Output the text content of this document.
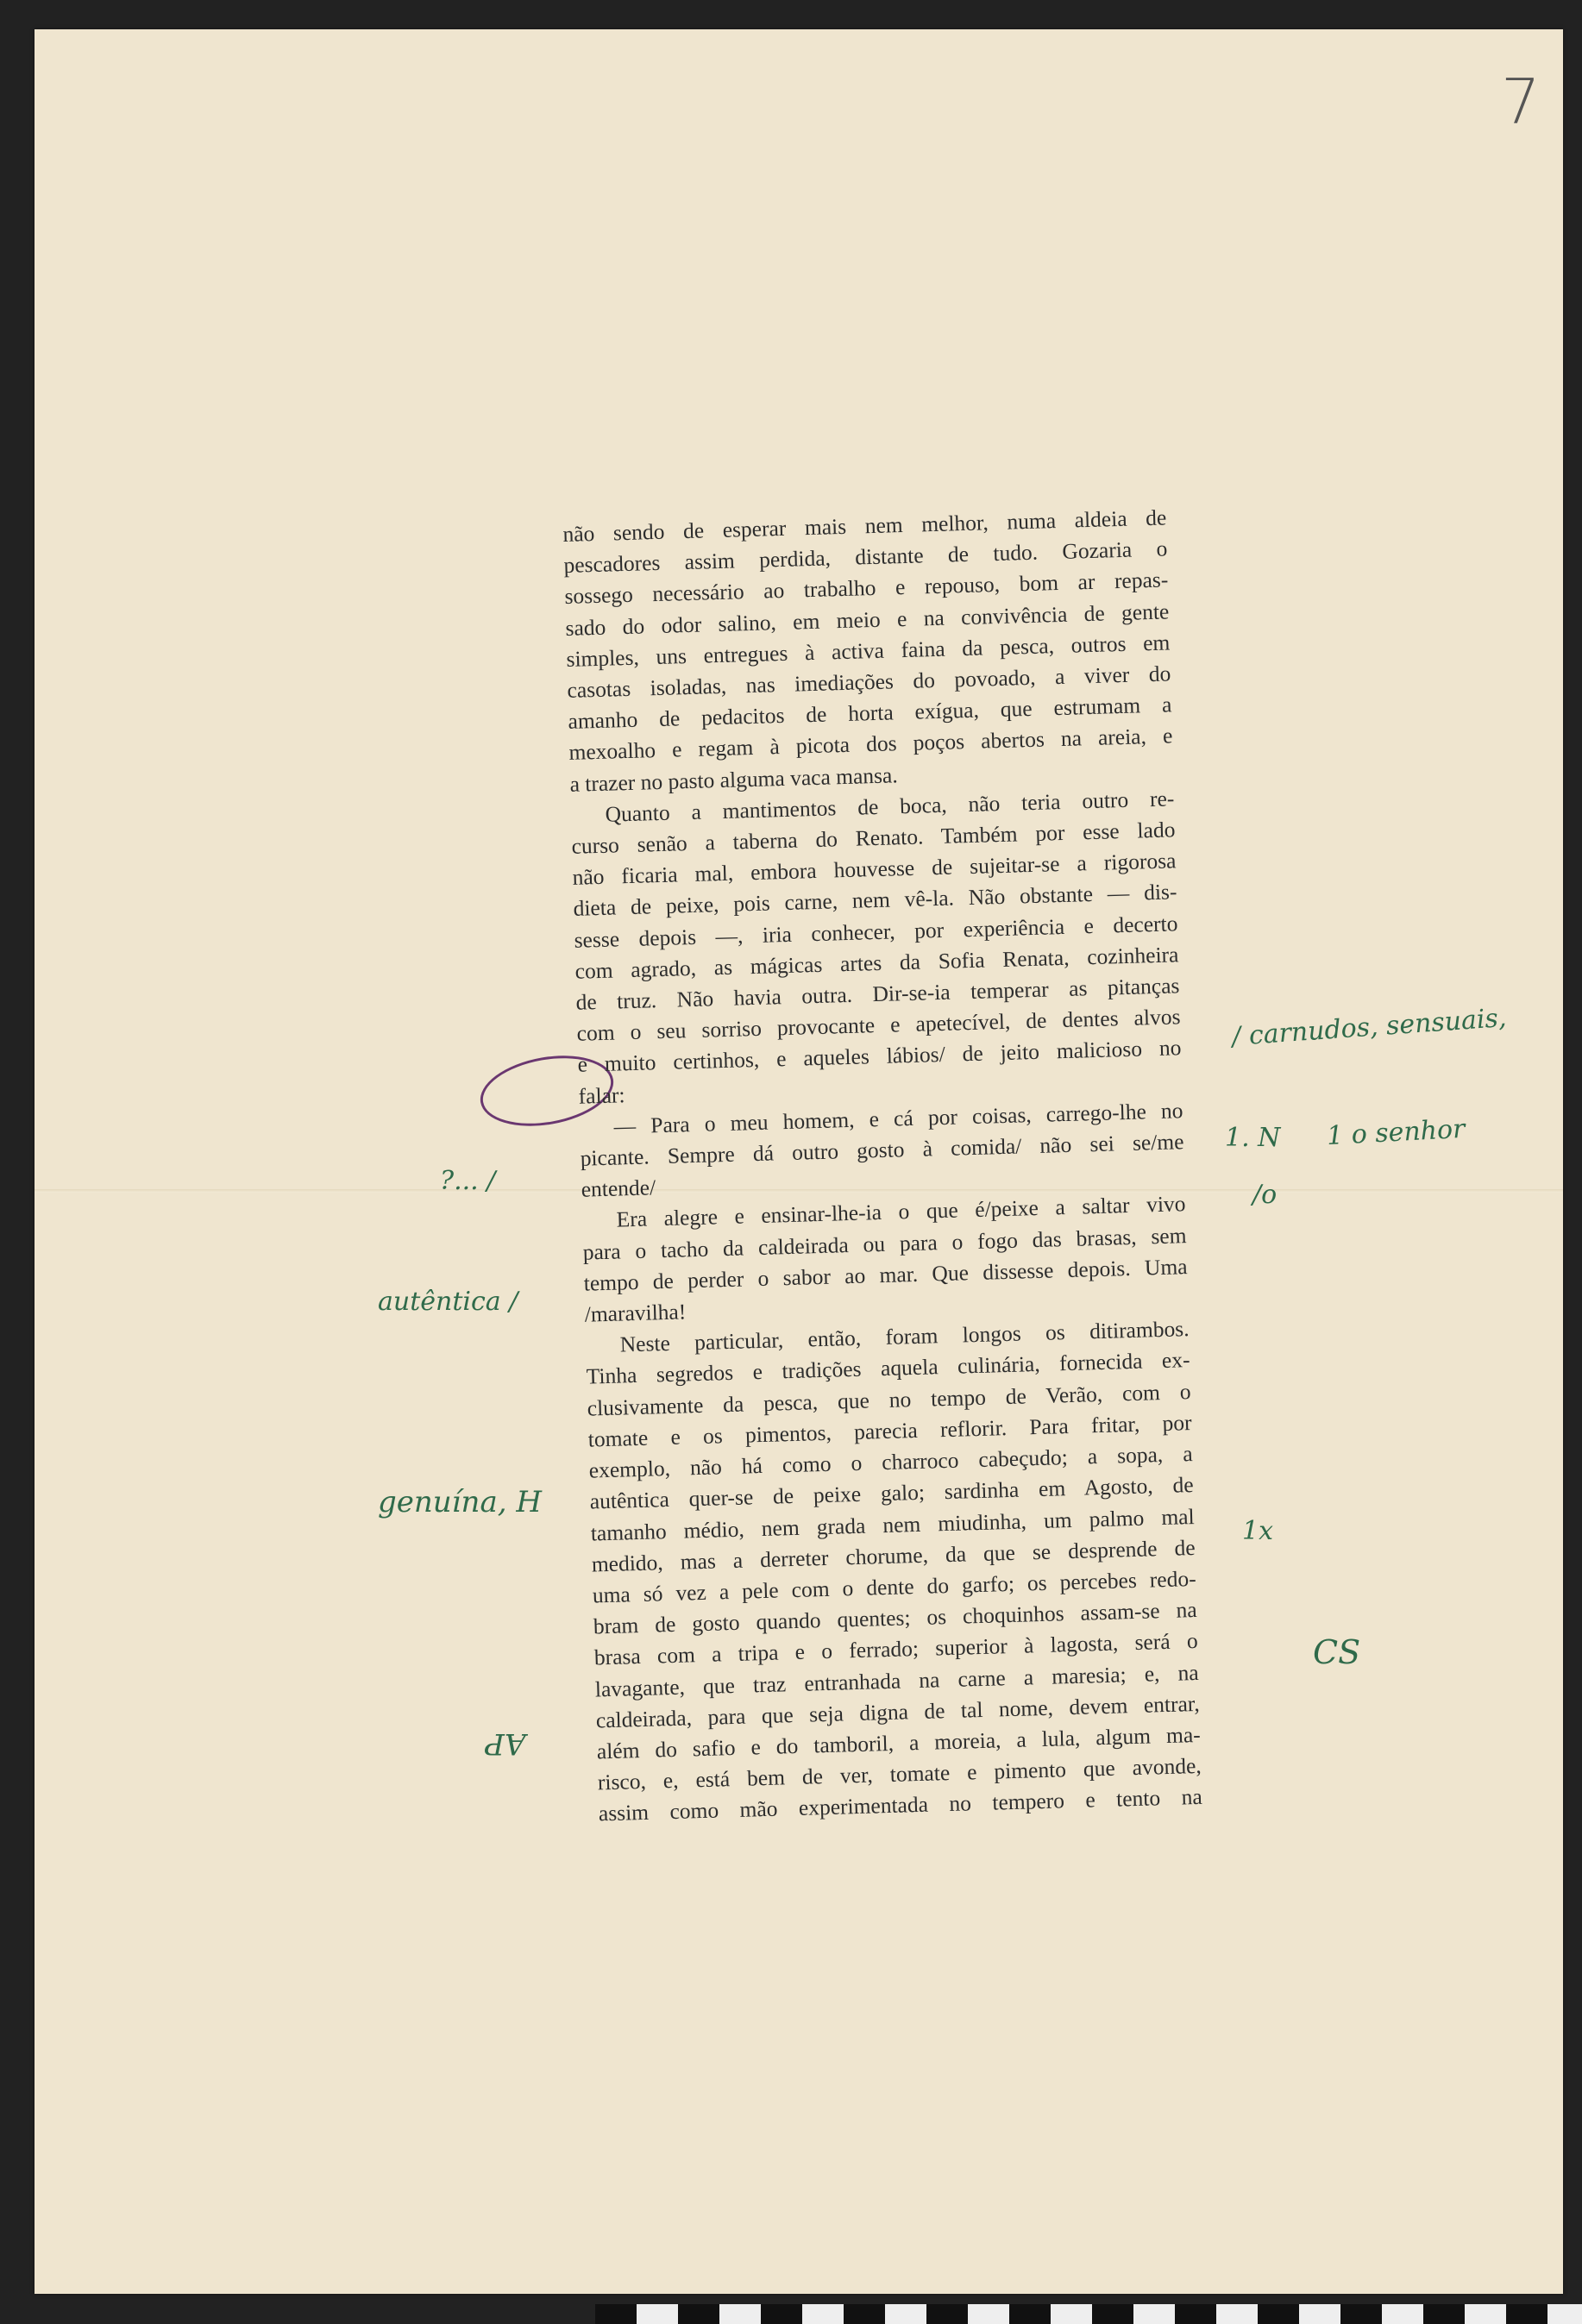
7
não sendo de esperar mais nem melhor, numa aldeia de
pescadores assim perdida, distante de tudo. Gozaria o
sossego necessário ao trabalho e repouso, bom ar repas-
sado do odor salino, em meio e na convivência de gente
simples, uns entregues à activa faina da pesca, outros em
casotas isoladas, nas imediações do povoado, a viver do
amanho de pedacitos de horta exígua, que estrumam a
mexoalho e regam à picota dos poços abertos na areia, e
a trazer no pasto alguma vaca mansa.
Quanto a mantimentos de boca, não teria outro re-
curso senão a taberna do Renato. Também por esse lado
não ficaria mal, embora houvesse de sujeitar-se a rigorosa
dieta de peixe, pois carne, nem vê-la. Não obstante — dis-
sesse depois —, iria conhecer, por experiência e decerto
com agrado, as mágicas artes da Sofia Renata, cozinheira
de truz. Não havia outra. Dir-se-ia temperar as pitanças
com o seu sorriso provocante e apetecível, de dentes alvos
e muito certinhos, e aqueles lábios/ de jeito malicioso no
falar:
— Para o meu homem, e cá por coisas, carrego-lhe no
picante. Sempre dá outro gosto à comida/ não sei se/me
entende/
Era alegre e ensinar-lhe-ia o que é/peixe a saltar vivo
para o tacho da caldeirada ou para o fogo das brasas, sem
tempo de perder o sabor ao mar. Que dissesse depois. Uma
/maravilha!
Neste particular, então, foram longos os ditirambos.
Tinha segredos e tradições aquela culinária, fornecida ex-
clusivamente da pesca, que no tempo de Verão, com o
tomate e os pimentos, parecia reflorir. Para fritar, por
exemplo, não há como o charroco cabeçudo; a sopa, a
autêntica quer-se de peixe galo; sardinha em Agosto, de
tamanho médio, nem grada nem miudinha, um palmo mal
medido, mas a derreter chorume, da que se desprende de
uma só vez a pele com o dente do garfo; os percebes redo-
bram de gosto quando quentes; os choquinhos assam-se na
brasa com a tripa e o ferrado; superior à lagosta, será o
lavagante, que traz entranhada na carne a maresia; e, na
caldeirada, para que seja digna de tal nome, devem entrar,
além do safio e do tamboril, a moreia, a lula, algum ma-
risco, e, está bem de ver, tomate e pimento que avonde,
assim como mão experimentada no tempero e tento na
/ carnudos, sensuais,
1. N 1 o senhor
/o
?... /
autêntica /
genuína, H
1x
CS
AP
